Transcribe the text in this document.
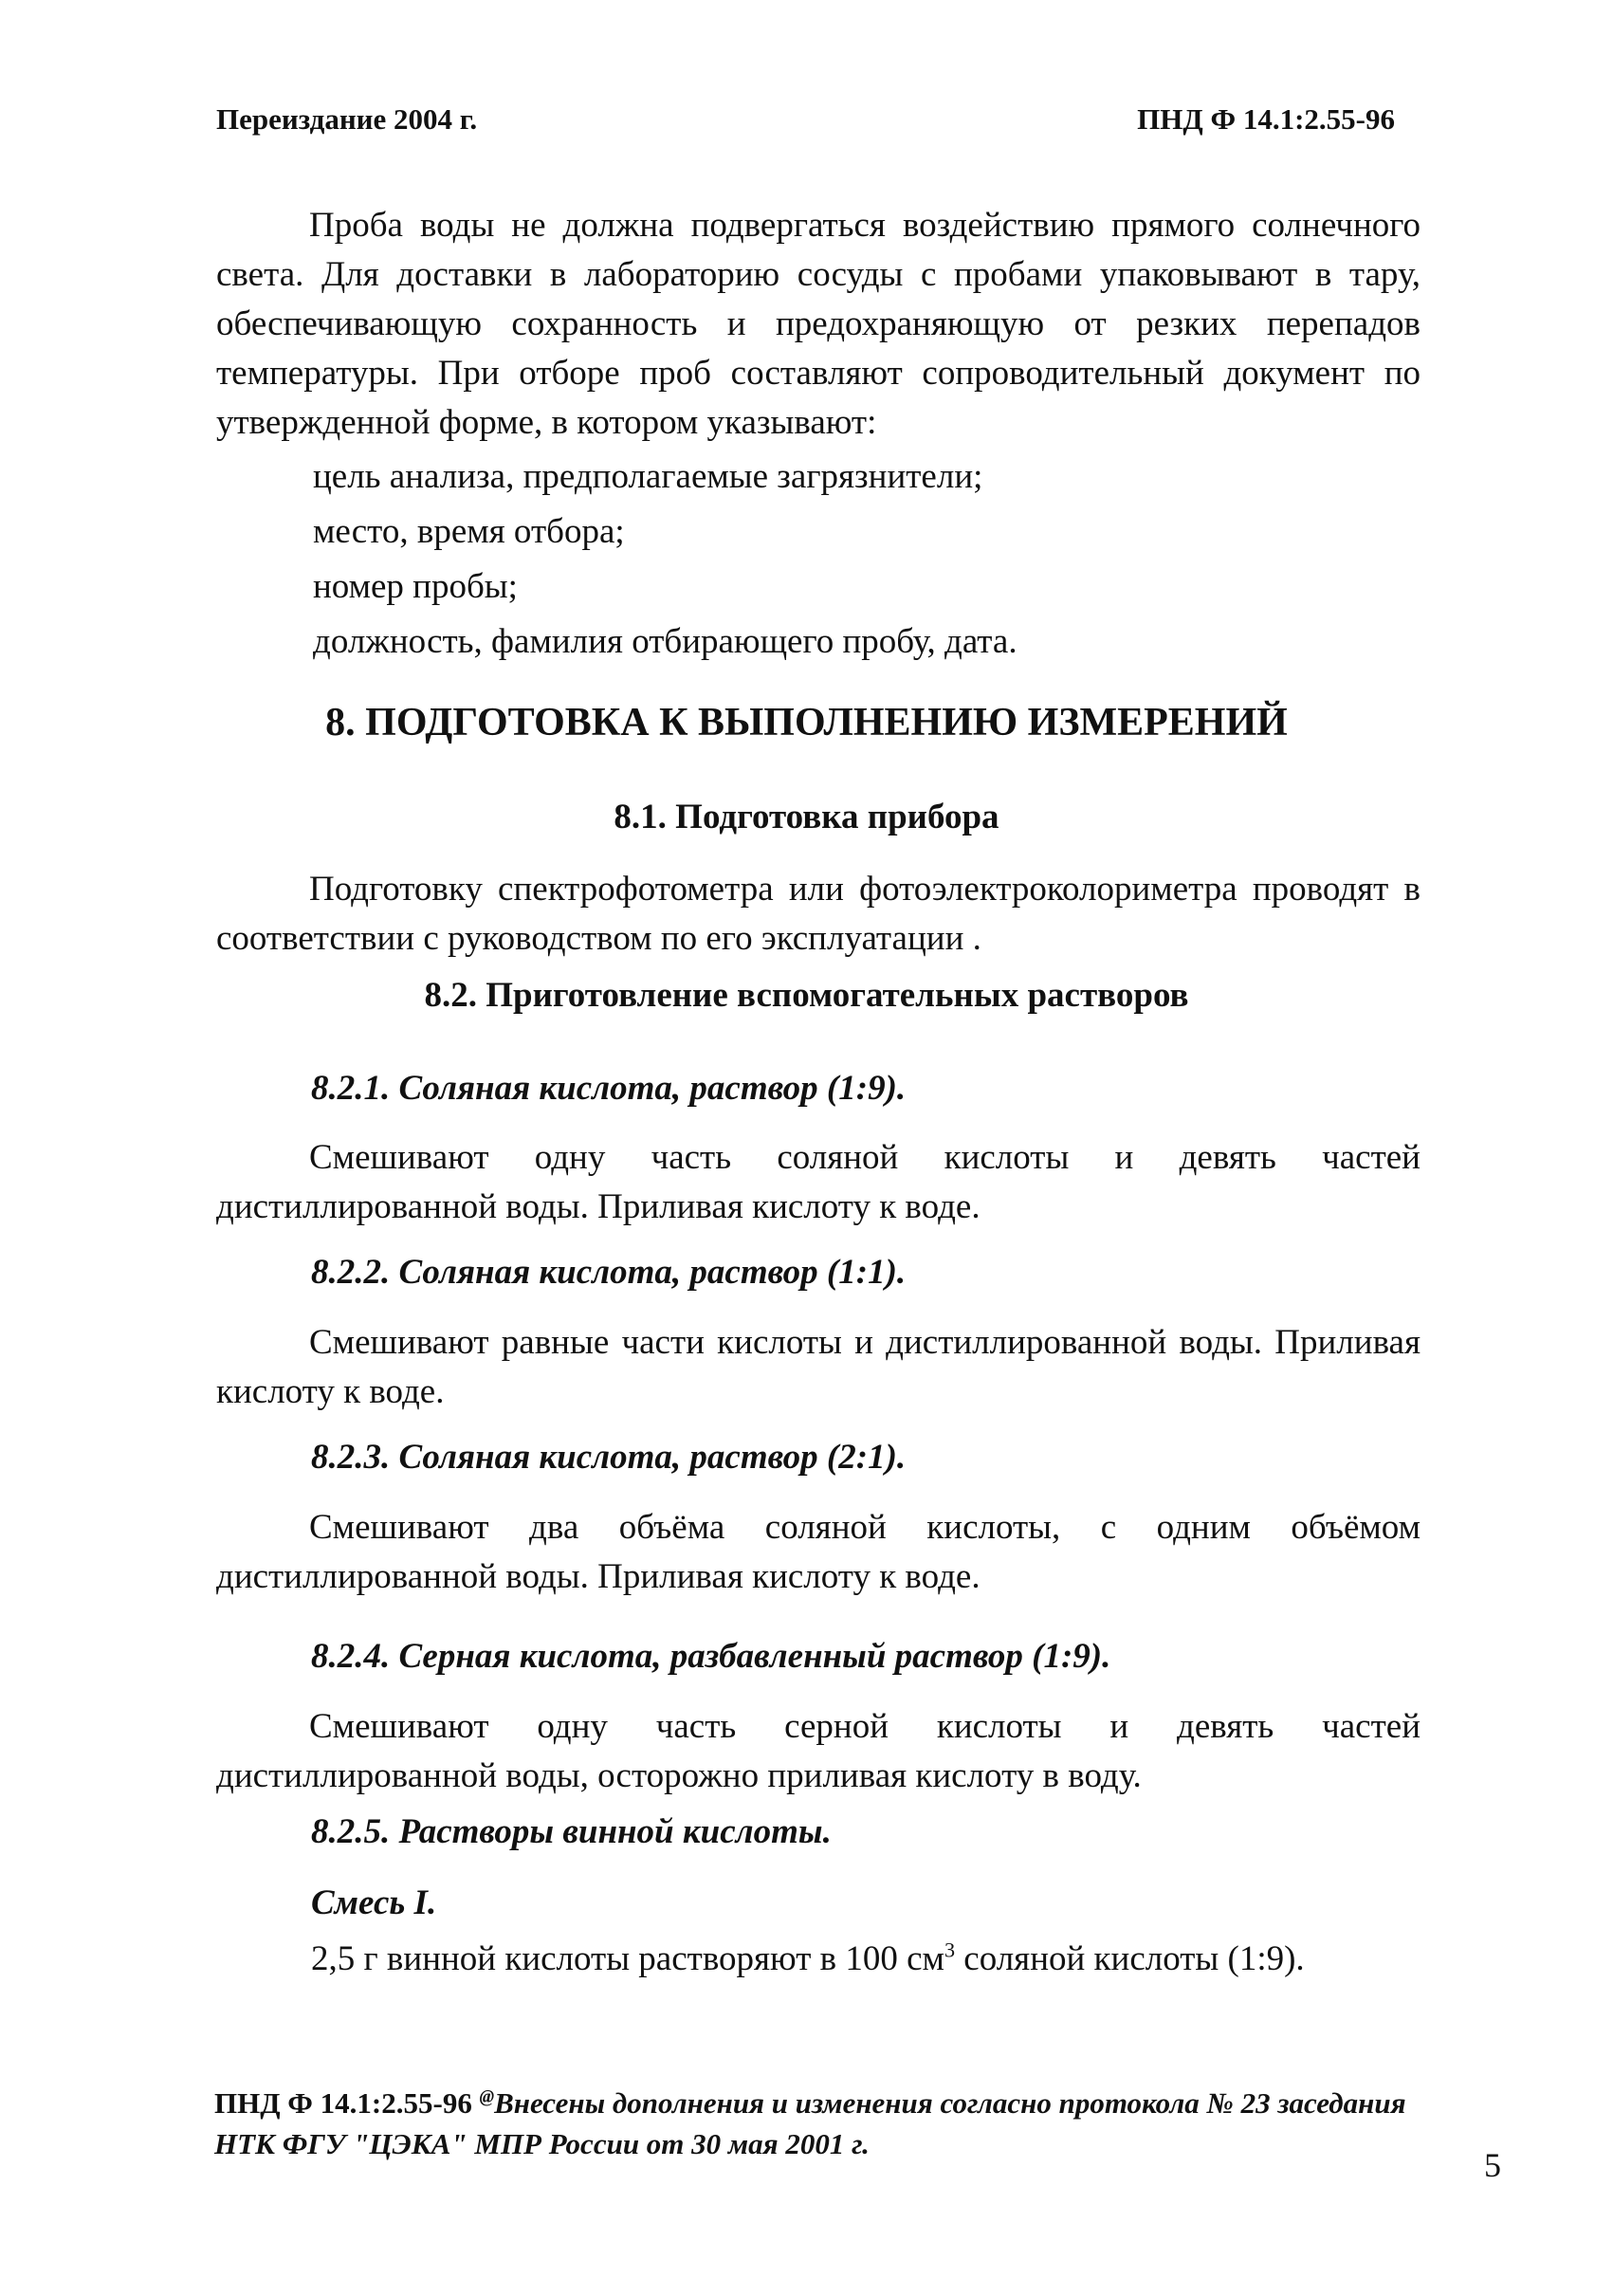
Переиздание 2004 г.	ПНД Ф 14.1:2.55-96

Проба воды не должна подвергаться воздействию прямого солнечного света. Для доставки в лабораторию сосуды с пробами упаковывают в тару, обеспечивающую сохранность и предохраняющую от резких перепадов температуры. При отборе проб составляют сопроводительный документ по утвержденной форме, в котором указывают:

цель анализа, предполагаемые загрязнители;
место, время отбора;
номер пробы;
должность, фамилия отбирающего пробу, дата.
8. ПОДГОТОВКА К ВЫПОЛНЕНИЮ ИЗМЕРЕНИЙ
8.1. Подготовка прибора

Подготовку спектрофотометра или фотоэлектроколориметра проводят в соответствии с руководством по его эксплуатации .

8.2. Приготовление вспомогательных растворов
8.2.1. Соляная кислота, раствор (1:9).

Смешивают одну часть соляной кислоты и девять частей дистиллированной воды. Приливая кислоту к воде.

8.2.2. Соляная кислота, раствор (1:1).

Смешивают равные части кислоты и дистиллированной воды. Приливая кислоту к воде.

8.2.3. Соляная кислота, раствор (2:1).

Смешивают два объёма соляной кислоты, с одним объёмом дистиллированной воды. Приливая кислоту к воде.

8.2.4. Серная кислота, разбавленный раствор (1:9).

Смешивают одну часть серной кислоты и девять частей дистиллированной воды, осторожно приливая кислоту в воду.

8.2.5. Растворы винной кислоты.
Смесь I.
2,5 г винной кислоты растворяют в 100 $см^3$ соляной кислоты (1:9).
ПНД Ф 14.1:2.55-96 @Внесены дополнения и изменения согласно протокола № 23 заседания НТК ФГУ "ЦЭКА" МПР России от 30 мая 2001 г.
5
